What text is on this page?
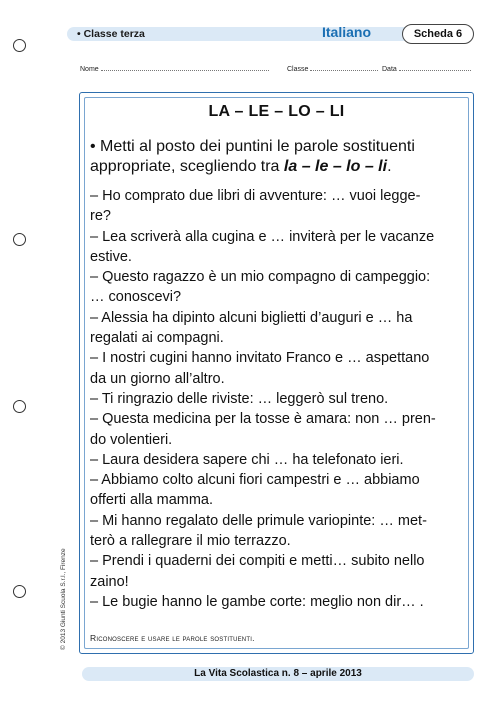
• Classe terza	Italiano	Scheda 6
Nome	Classe	Data
LA – LE – LO – LI
• Metti al posto dei puntini le parole sostituenti appropriate, scegliendo tra la – le – lo – li.
– Ho comprato due libri di avventure: … vuoi legge-
re?
– Lea scriverà alla cugina e … inviterà per le vacanze
estive.
– Questo ragazzo è un mio compagno di campeggio:
… conoscevi?
– Alessia ha dipinto alcuni biglietti d’auguri e … ha
regalati ai compagni.
– I nostri cugini hanno invitato Franco e … aspettano
da un giorno all’altro.
– Ti ringrazio delle riviste: … leggerò sul treno.
– Questa medicina per la tosse è amara: non … pren-
do volentieri.
– Laura desidera sapere chi … ha telefonato ieri.
– Abbiamo colto alcuni fiori campestri e … abbiamo
offerti alla mamma.
– Mi hanno regalato delle primule variopinte: … met-
terò a rallegrare il mio terrazzo.
– Prendi i quaderni dei compiti e metti… subito nello
zaino!
– Le bugie hanno le gambe corte: meglio non dir… .
Riconoscere e usare le parole sostituenti.
© 2013 Giunti Scuola S.r.l., Firenze
La Vita Scolastica n. 8 – aprile 2013
